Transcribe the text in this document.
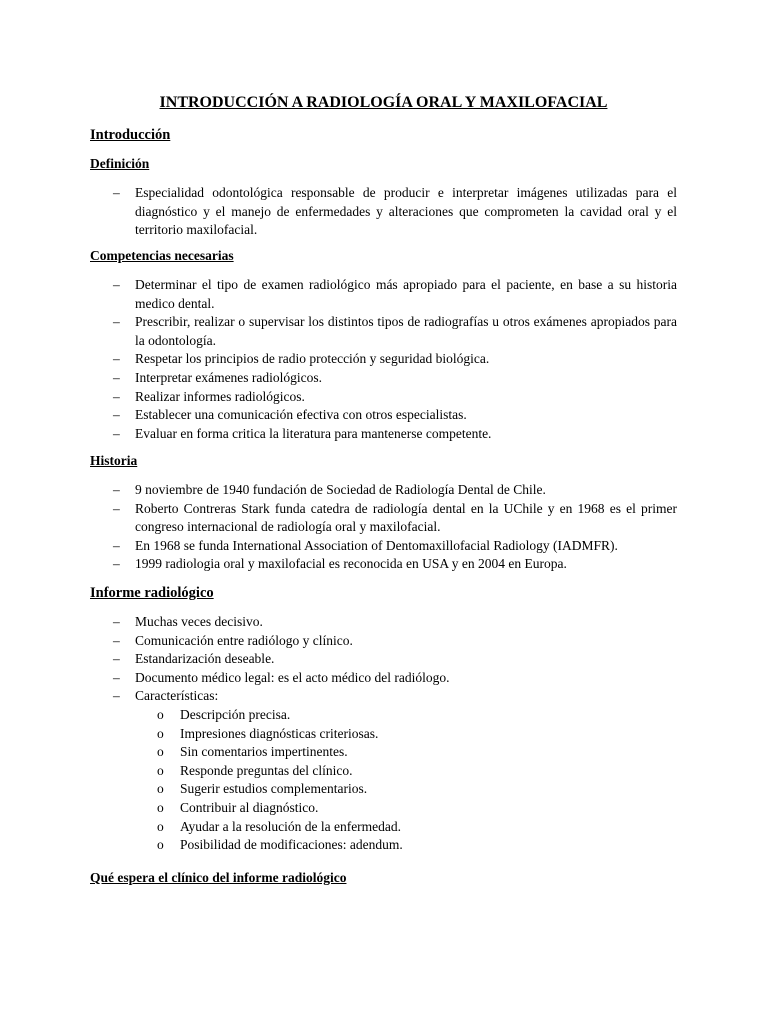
INTRODUCCIÓN A RADIOLOGÍA ORAL Y MAXILOFACIAL
Introducción
Definición
– Especialidad odontológica responsable de producir e interpretar imágenes utilizadas para el diagnóstico y el manejo de enfermedades y alteraciones que comprometen la cavidad oral y el territorio maxilofacial.
Competencias necesarias
– Determinar el tipo de examen radiológico más apropiado para el paciente, en base a su historia medico dental.
– Prescribir, realizar o supervisar los distintos tipos de radiografías u otros exámenes apropiados para la odontología.
– Respetar los principios de radio protección y seguridad biológica.
– Interpretar exámenes radiológicos.
– Realizar informes radiológicos.
– Establecer una comunicación efectiva con otros especialistas.
– Evaluar en forma critica la literatura para mantenerse competente.
Historia
– 9 noviembre de 1940 fundación de Sociedad de Radiología Dental de Chile.
– Roberto Contreras Stark funda catedra de radiología dental en la UChile y en 1968 es el primer congreso internacional de radiología oral y maxilofacial.
– En 1968 se funda International Association of Dentomaxillofacial Radiology (IADMFR).
– 1999 radiologia oral y maxilofacial es reconocida en USA y en 2004 en Europa.
Informe radiológico
– Muchas veces decisivo.
– Comunicación entre radiólogo y clínico.
– Estandarización deseable.
– Documento médico legal: es el acto médico del radiólogo.
– Características:
o Descripción precisa.
o Impresiones diagnósticas criteriosas.
o Sin comentarios impertinentes.
o Responde preguntas del clínico.
o Sugerir estudios complementarios.
o Contribuir al diagnóstico.
o Ayudar a la resolución de la enfermedad.
o Posibilidad de modificaciones: adendum.
Qué espera el clínico del informe radiológico
